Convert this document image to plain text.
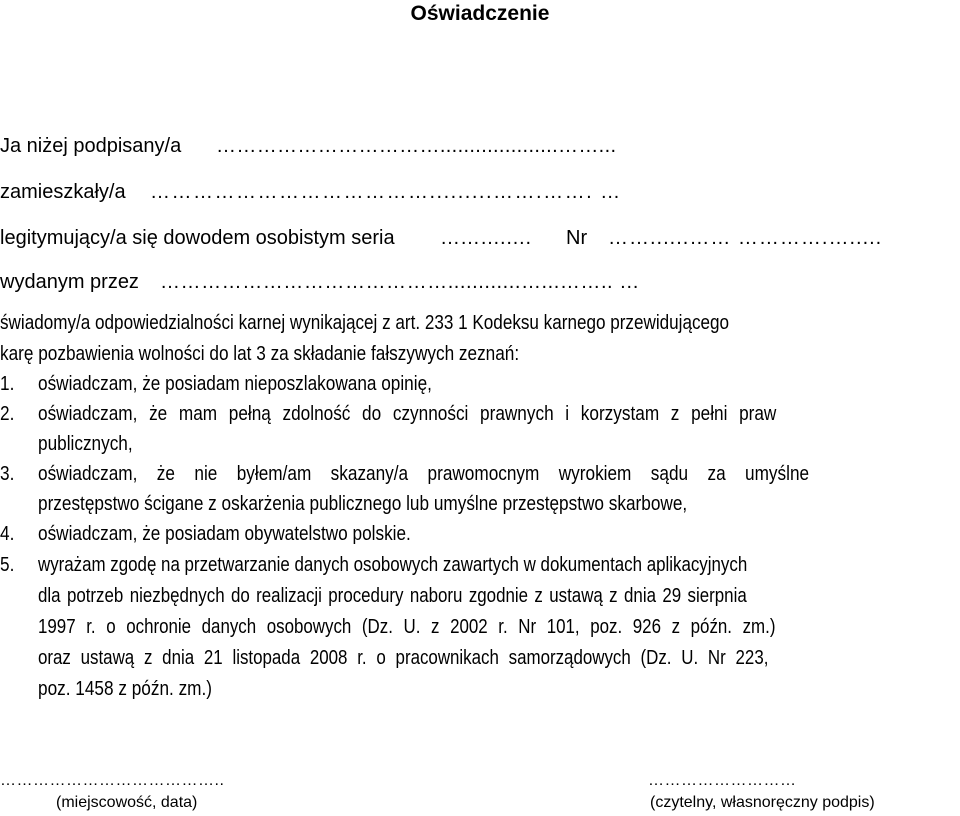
Oświadczenie
Ja niżej podpisany/a ……………………………....................……...
zamieszkały/a ………………………………….........…….……. …
legitymujący/a się dowodem osobistym seria ……….…. Nr ……......…… ………….….....
wydanym przez ……………………………………............…...…….. …
świadomy/a odpowiedzialności karnej wynikającej z art. 233 1 Kodeksu karnego przewidującego
karę pozbawienia wolności do lat 3 za składanie fałszywych zeznań:
1. oświadczam, że posiadam nieposzlakowana opinię,
2. oświadczam, że mam pełną zdolność do czynności prawnych i korzystam z pełni praw
publicznych,
3. oświadczam, że nie byłem/am skazany/a prawomocnym wyrokiem sądu za umyślne
przestępstwo ścigane z oskarżenia publicznego lub umyślne przestępstwo skarbowe,
4. oświadczam, że posiadam obywatelstwo polskie.
5. wyrażam zgodę na przetwarzanie danych osobowych zawartych w dokumentach aplikacyjnych
dla potrzeb niezbędnych do realizacji procedury naboru zgodnie z ustawą z dnia 29 sierpnia
1997 r. o ochronie danych osobowych (Dz. U. z 2002 r. Nr 101, poz. 926 z późn. zm.)
oraz ustawą z dnia 21 listopada 2008 r. o pracownikach samorządowych (Dz. U. Nr 223,
poz. 1458 z późn. zm.)
…………………………………..
(miejscowość, data)
………………………
(czytelny, własnoręczny podpis)
